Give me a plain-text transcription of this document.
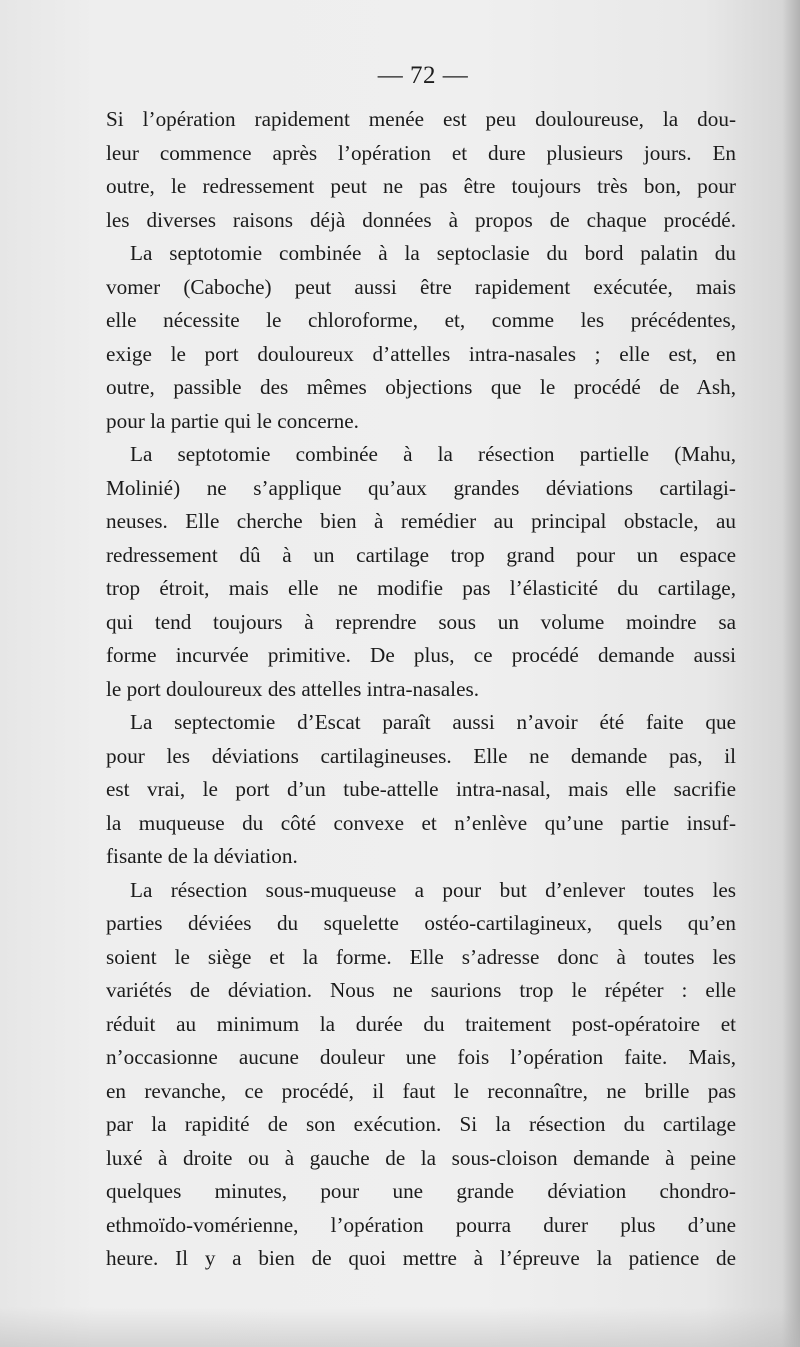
— 72 —
Si l’opération rapidement menée est peu douloureuse, la dou-
leur commence après l’opération et dure plusieurs jours. En
outre, le redressement peut ne pas être toujours très bon, pour
les diverses raisons déjà données à propos de chaque procédé.
La septotomie combinée à la septoclasie du bord palatin du
vomer (Caboche) peut aussi être rapidement exécutée, mais
elle nécessite le chloroforme, et, comme les précédentes,
exige le port douloureux d’attelles intra-nasales ; elle est, en
outre, passible des mêmes objections que le procédé de Ash,
pour la partie qui le concerne.
La septotomie combinée à la résection partielle (Mahu,
Molinié) ne s’applique qu’aux grandes déviations cartilagi-
neuses. Elle cherche bien à remédier au principal obstacle, au
redressement dû à un cartilage trop grand pour un espace
trop étroit, mais elle ne modifie pas l’élasticité du cartilage,
qui tend toujours à reprendre sous un volume moindre sa
forme incurvée primitive. De plus, ce procédé demande aussi
le port douloureux des attelles intra-nasales.
La septectomie d’Escat paraît aussi n’avoir été faite que
pour les déviations cartilagineuses. Elle ne demande pas, il
est vrai, le port d’un tube-attelle intra-nasal, mais elle sacrifie
la muqueuse du côté convexe et n’enlève qu’une partie insuf-
fisante de la déviation.
La résection sous-muqueuse a pour but d’enlever toutes les
parties déviées du squelette ostéo-cartilagineux, quels qu’en
soient le siège et la forme. Elle s’adresse donc à toutes les
variétés de déviation. Nous ne saurions trop le répéter : elle
réduit au minimum la durée du traitement post-opératoire et
n’occasionne aucune douleur une fois l’opération faite. Mais,
en revanche, ce procédé, il faut le reconnaître, ne brille pas
par la rapidité de son exécution. Si la résection du cartilage
luxé à droite ou à gauche de la sous-cloison demande à peine
quelques minutes, pour une grande déviation chondro-
ethmoïdo-vomérienne, l’opération pourra durer plus d’une
heure. Il y a bien de quoi mettre à l’épreuve la patience de
